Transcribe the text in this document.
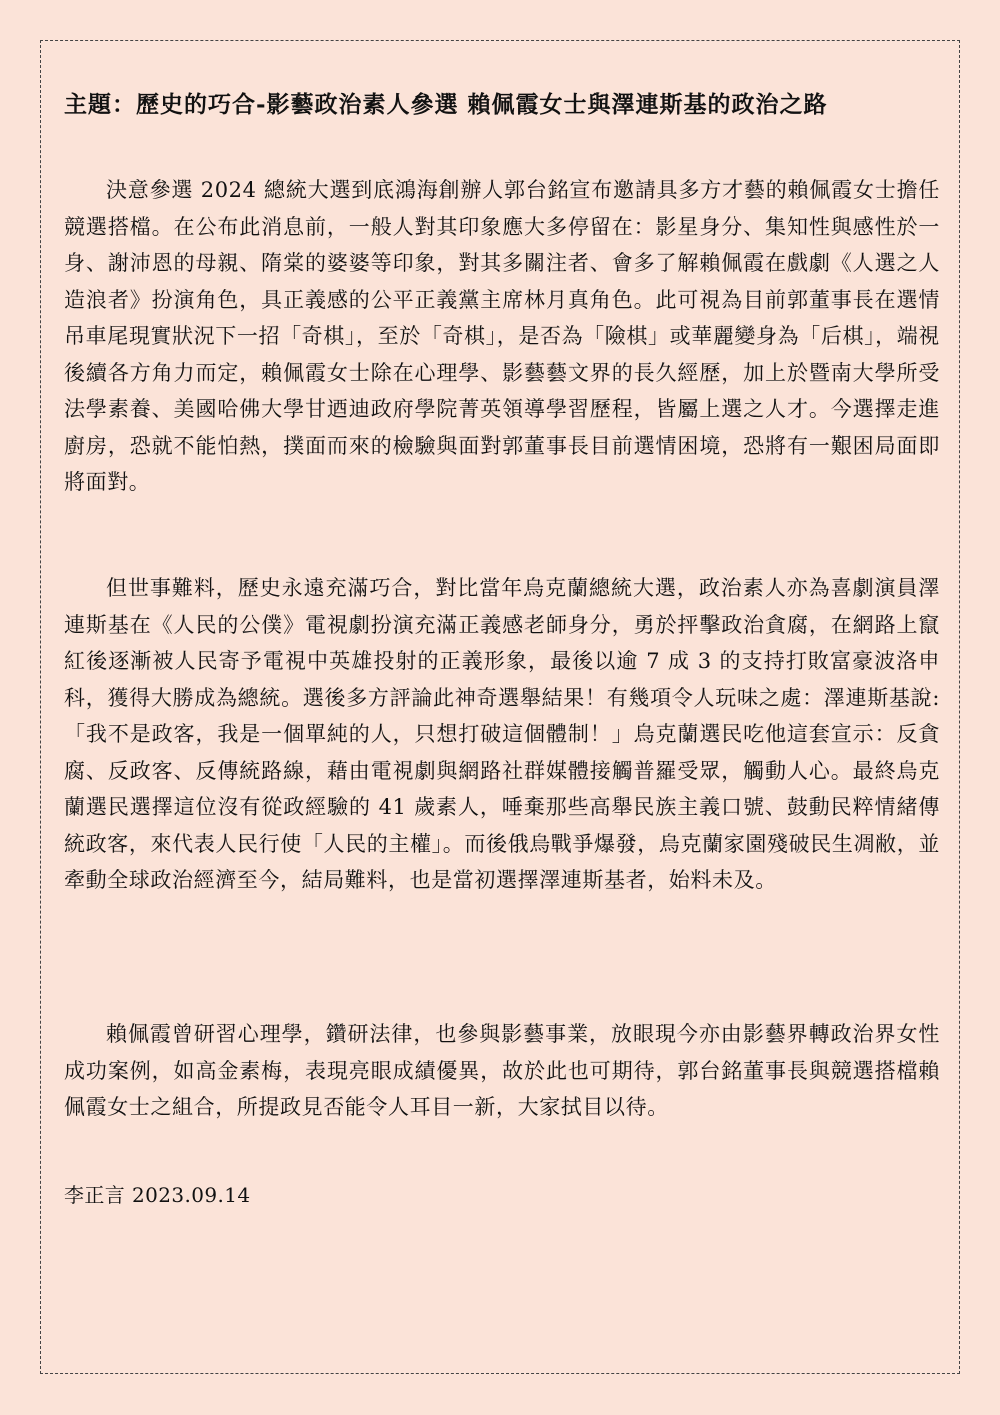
主題：歷史的巧合-影藝政治素人參選 賴佩霞女士與澤連斯基的政治之路

決意參選 2024 總統大選到底鴻海創辦人郭台銘宣布邀請具多方才藝的賴佩霞女士擔任競選搭檔。在公布此消息前，一般人對其印象應大多停留在：影星身分、集知性與感性於一身、謝沛恩的母親、隋棠的婆婆等印象，對其多關注者、會多了解賴佩霞在戲劇《人選之人 造浪者》扮演角色，具正義感的公平正義黨主席林月真角色。此可視為目前郭董事長在選情吊車尾現實狀況下一招「奇棋」，至於「奇棋」，是否為「險棋」或華麗變身為「后棋」，端視後續各方角力而定，賴佩霞女士除在心理學、影藝藝文界的長久經歷，加上於暨南大學所受法學素養、美國哈佛大學甘迺迪政府學院菁英領導學習歷程，皆屬上選之人才。今選擇走進廚房，恐就不能怕熱，撲面而來的檢驗與面對郭董事長目前選情困境，恐將有一艱困局面即將面對。

但世事難料，歷史永遠充滿巧合，對比當年烏克蘭總統大選，政治素人亦為喜劇演員澤連斯基在《人民的公僕》電視劇扮演充滿正義感老師身分，勇於抨擊政治貪腐，在網路上竄紅後逐漸被人民寄予電視中英雄投射的正義形象，最後以逾 7 成 3 的支持打敗富豪波洛申科，獲得大勝成為總統。選後多方評論此神奇選舉結果！有幾項令人玩味之處：澤連斯基說:「我不是政客，我是一個單純的人，只想打破這個體制！」烏克蘭選民吃他這套宣示：反貪腐、反政客、反傳統路線，藉由電視劇與網路社群媒體接觸普羅受眾，觸動人心。最終烏克蘭選民選擇這位沒有從政經驗的 41 歲素人，唾棄那些高舉民族主義口號、鼓動民粹情緒傳統政客，來代表人民行使「人民的主權」。而後俄烏戰爭爆發，烏克蘭家園殘破民生凋敝，並牽動全球政治經濟至今，結局難料，也是當初選擇澤連斯基者，始料未及。

賴佩霞曾研習心理學，鑽研法律，也參與影藝事業，放眼現今亦由影藝界轉政治界女性成功案例，如高金素梅，表現亮眼成績優異，故於此也可期待，郭台銘董事長與競選搭檔賴佩霞女士之組合，所提政見否能令人耳目一新，大家拭目以待。

李正言 2023.09.14
